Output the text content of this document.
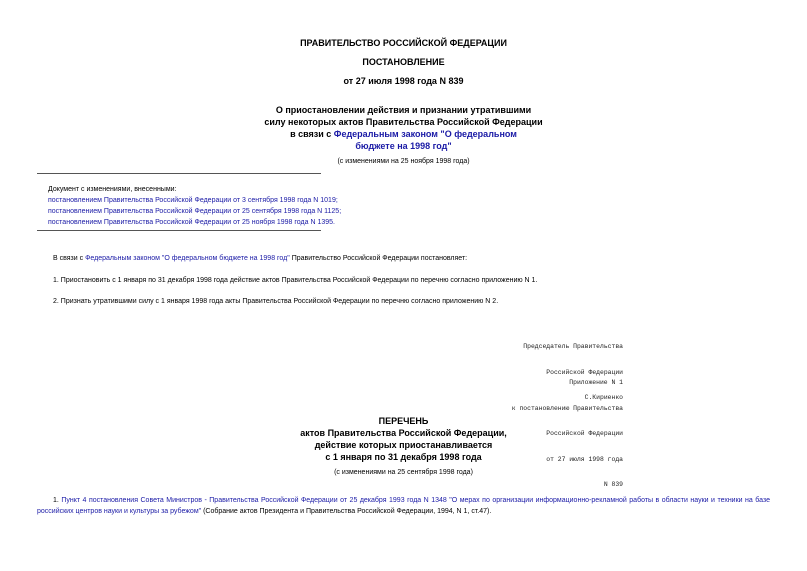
ПРАВИТЕЛЬСТВО РОССИЙСКОЙ ФЕДЕРАЦИИ
ПОСТАНОВЛЕНИЕ
от 27 июля 1998 года N 839
О приостановлении действия и признании утратившими
силу некоторых актов Правительства Российской Федерации
в связи с Федеральным законом "О федеральном
бюджете на 1998 год"
(с изменениями на 25 ноября 1998 года)
Документ с изменениями, внесенными:
постановлением Правительства Российской Федерации от 3 сентября 1998 года N 1019;
постановлением Правительства Российской Федерации от 25 сентября 1998 года N 1125;
постановлением Правительства Российской Федерации от 25 ноября 1998 года N 1395.
В связи с Федеральным законом "О федеральном бюджете на 1998 год" Правительство Российской Федерации постановляет:
1. Приостановить с 1 января по 31 декабря 1998 года действие актов Правительства Российской Федерации по перечню согласно приложению N 1.
2. Признать утратившими силу с 1 января 1998 года акты Правительства Российской Федерации по перечню согласно приложению N 2.

Председатель Правительства

Российской Федерации

С.Кириенко

Приложение N 1

к постановлению Правительства

Российской Федерации

от 27 июля 1998 года

N 839

ПЕРЕЧЕНЬ
актов Правительства Российской Федерации,
действие которых приостанавливается
с 1 января по 31 декабря 1998 года
(с изменениями на 25 сентября 1998 года)
1. Пункт 4 постановления Совета Министров - Правительства Российской Федерации от 25 декабря 1993 года N 1348 "О мерах по организации информационно-рекламной работы в области науки и техники на базе российских центров науки и культуры за рубежом" (Собрание актов Президента и Правительства Российской Федерации, 1994, N 1, ст.47).
